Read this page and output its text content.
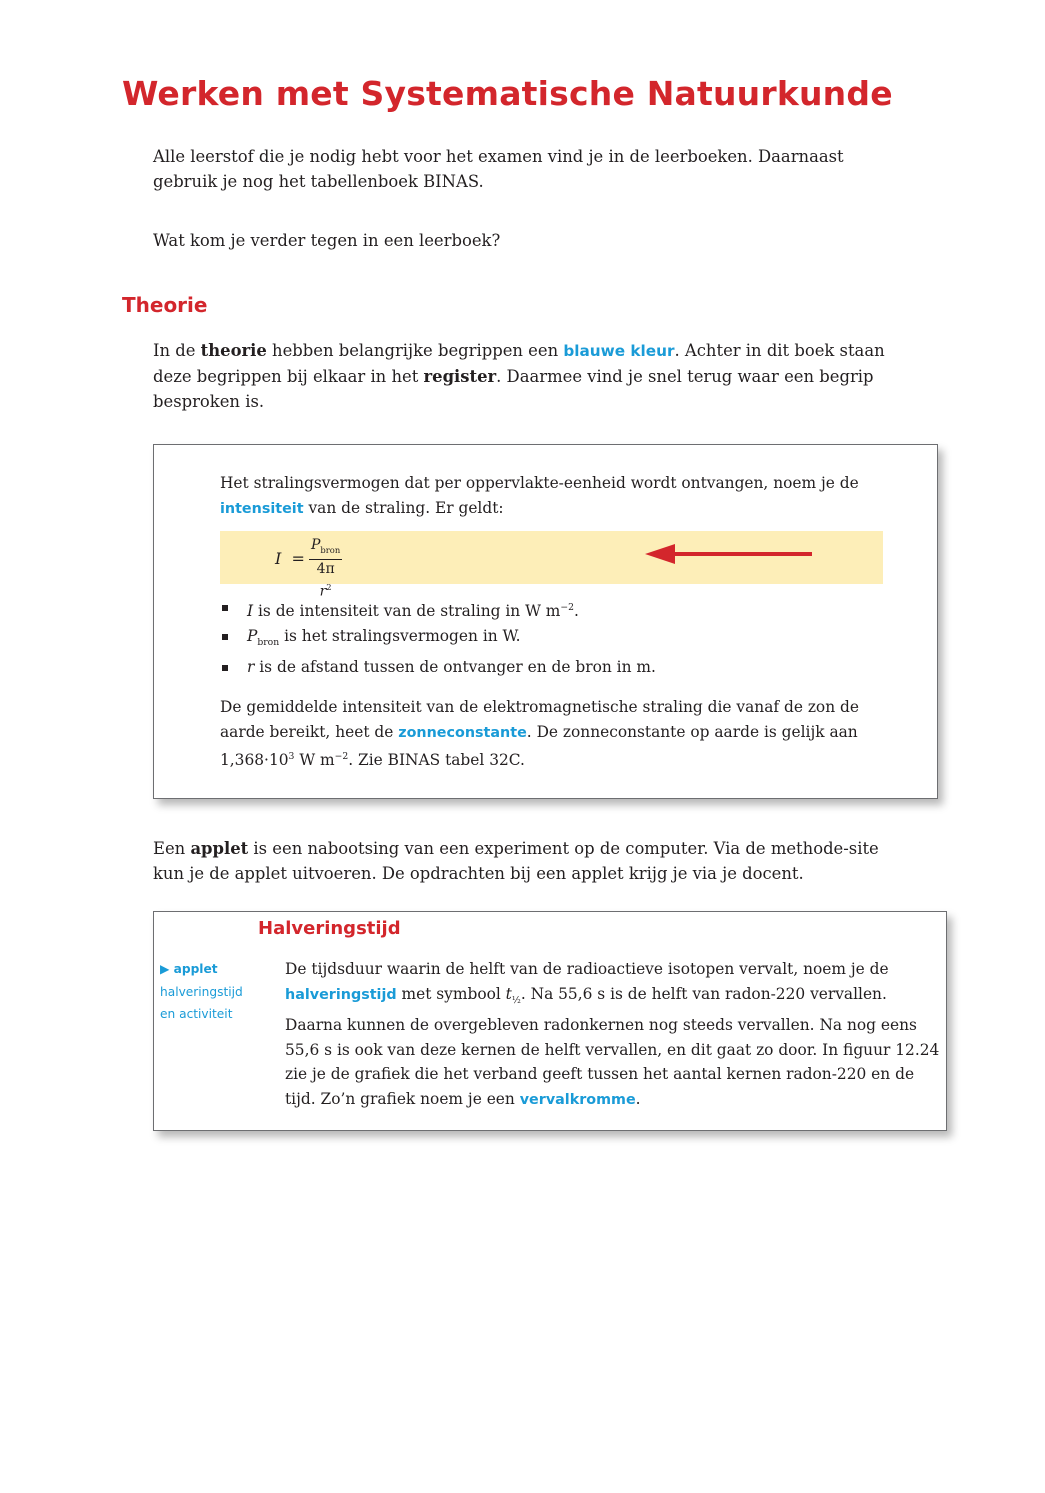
Werken met Systematische Natuurkunde

Alle leerstof die je nodig hebt voor het examen vind je in de leerboeken. Daarnaast gebruik je nog het tabellenboek BINAS.

Wat kom je verder tegen in een leerboek?

Theorie

In de theorie hebben belangrijke begrippen een blauwe kleur. Achter in dit boek staan deze begrippen bij elkaar in het register. Daarmee vind je snel terug waar een begrip besproken is.

Het stralingsvermogen dat per oppervlakte-eenheid wordt ontvangen, noem je de intensiteit van de straling. Er geldt:

I =
$P_{bron}$
4π $r^2$
I is de intensiteit van de straling in W $m^{-2}$.
$P_{bron}$ is het stralingsvermogen in W.
r is de afstand tussen de ontvanger en de bron in m.

De gemiddelde intensiteit van de elektromagnetische straling die vanaf de zon de aarde bereikt, heet de zonneconstante. De zonneconstante op aarde is gelijk aan $1,368\cdot 10^3$ W $m^{-2}$. Zie BINAS tabel 32C.

Een applet is een nabootsing van een experiment op de computer. Via de methode-site kun je de applet uitvoeren. De opdrachten bij een applet krijg je via je docent.

Halveringstijd
▶ applet
halveringstijd
en activiteit

De tijdsduur waarin de helft van de radioactieve isotopen vervalt, noem je de halveringstijd met symbool $t_{\frac{1}{2}}$. Na 55,6 s is de helft van radon-220 vervallen. Daarna kunnen de overgebleven radonkernen nog steeds vervallen. Na nog eens 55,6 s is ook van deze kernen de helft vervallen, en dit gaat zo door. In figuur 12.24 zie je de grafiek die het verband geeft tussen het aantal kernen radon-220 en de tijd. Zo’n grafiek noem je een vervalkromme.
